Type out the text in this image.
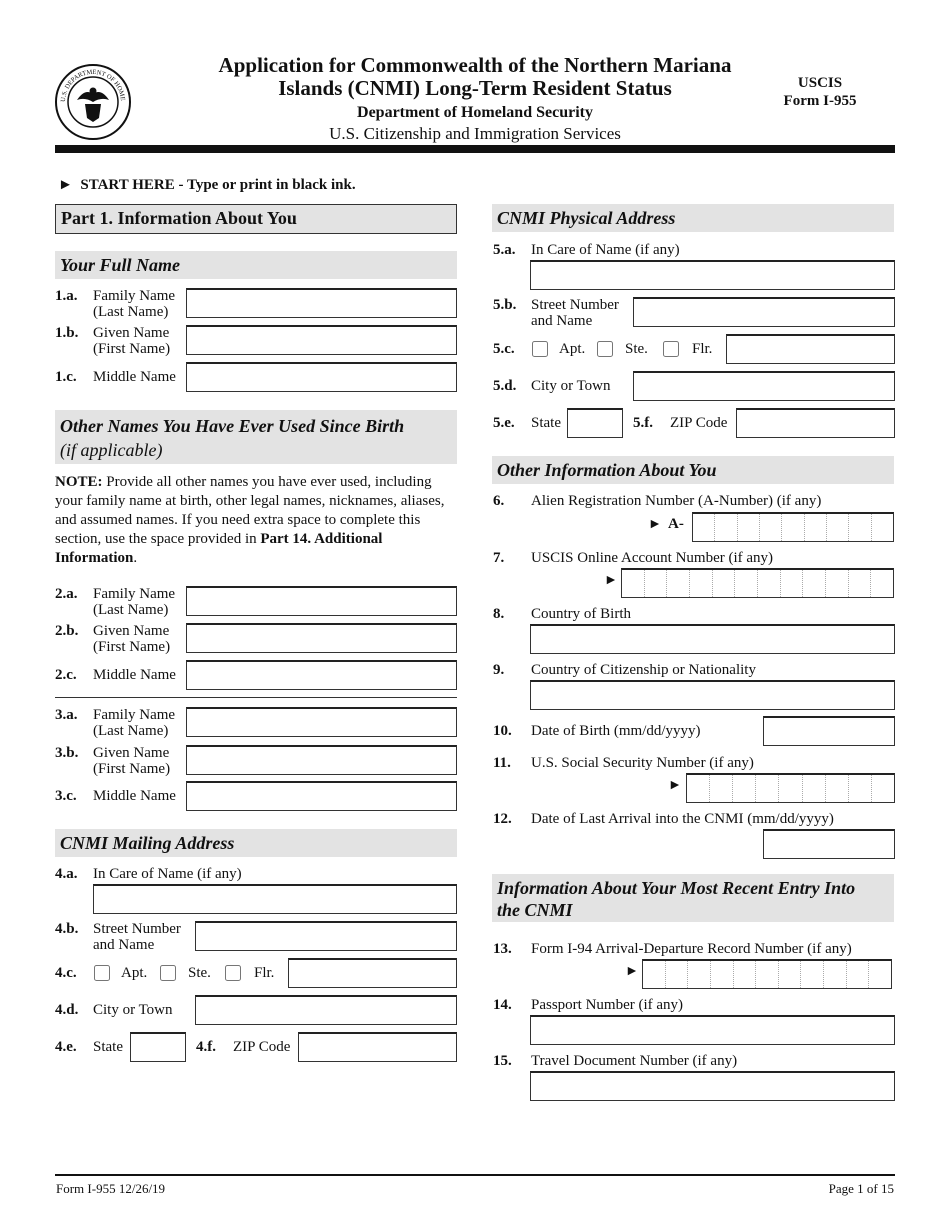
U.S. DEPARTMENT OF HOME
Application for Commonwealth of the Northern Mariana
Islands (CNMI) Long-Term Resident Status
Department of Homeland Security
U.S. Citizenship and Immigration Services
USCIS
Form I-955
► START HERE - Type or print in black ink.
Part 1. Information About You
Your Full Name
1.a. Family Name
(Last Name)
1.b. Given Name
(First Name)
1.c. Middle Name
Other Names You Have Ever Used Since Birth
(if applicable)
NOTE: Provide all other names you have ever used, including your family name at birth, other legal names, nicknames, aliases, and assumed names. If you need extra space to complete this section, use the space provided in Part 14. Additional Information.
2.a. Family Name
(Last Name)
2.b. Given Name
(First Name)
2.c. Middle Name
3.a. Family Name
(Last Name)
3.b. Given Name
(First Name)
3.c. Middle Name
CNMI Mailing Address
4.a. In Care of Name (if any)
4.b. Street Number
and Name
4.c.	Apt.	Ste.	Flr.
4.d. City or Town
4.e. State	4.f. ZIP Code
CNMI Physical Address
5.a. In Care of Name (if any)
5.b. Street Number
and Name
5.c.	Apt.	Ste.	Flr.
5.d. City or Town
5.e. State	5.f. ZIP Code
Other Information About You
6. Alien Registration Number (A-Number) (if any)
► A-
7. USCIS Online Account Number (if any)
►
8. Country of Birth
9. Country of Citizenship or Nationality
10. Date of Birth (mm/dd/yyyy)
11. U.S. Social Security Number (if any)
►
12. Date of Last Arrival into the CNMI (mm/dd/yyyy)
Information About Your Most Recent Entry Into
the CNMI
13. Form I-94 Arrival-Departure Record Number (if any)
►
14. Passport Number (if any)
15. Travel Document Number (if any)
Form I-955 12/26/19	Page 1 of 15
